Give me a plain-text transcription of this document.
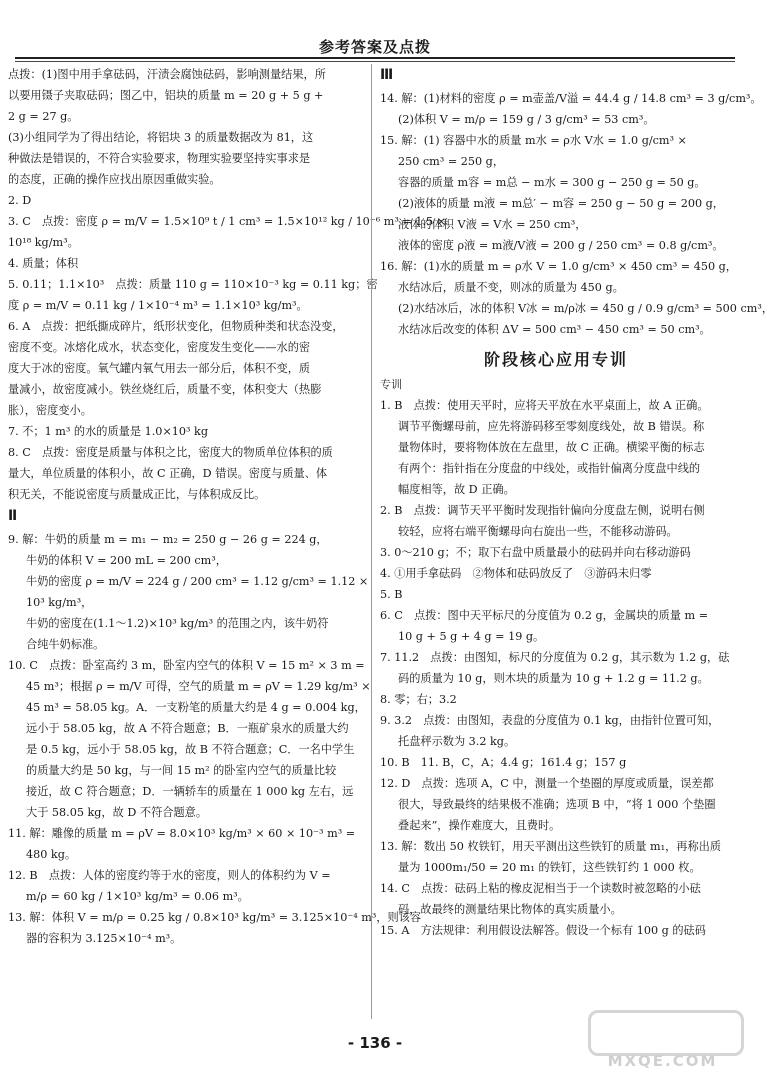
参考答案及点拨
点拨：(1)图中用手拿砝码，汗渍会腐蚀砝码，影响测量结果，所
以要用镊子夹取砝码；图乙中，铝块的质量 m = 20 g + 5 g +
2 g = 27 g。
(3)小组同学为了得出结论，将铝块 3 的质量数据改为 81，这
种做法是错误的，不符合实验要求，物理实验要坚持实事求是
的态度，正确的操作应找出原因重做实验。
2. D
3. C　点拨：密度 ρ = m/V = 1.5×10⁹ t / 1 cm³ = 1.5×10¹² kg / 10⁻⁶ m³ = 1.5 ×
10¹⁸ kg/m³。
4. 质量；体积
5. 0.11；1.1×10³　点拨：质量 110 g = 110×10⁻³ kg = 0.11 kg；密
度 ρ = m/V = 0.11 kg / 1×10⁻⁴ m³ = 1.1×10³ kg/m³。
6. A　点拨：把纸撕成碎片，纸形状变化，但物质种类和状态没变，
密度不变。冰熔化成水，状态变化，密度发生变化——水的密
度大于冰的密度。氧气罐内氧气用去一部分后，体积不变，质
量减小，故密度减小。铁丝烧红后，质量不变，体积变大（热膨
胀），密度变小。
7. 不；1 m³ 的水的质量是 1.0×10³ kg
8. C　点拨：密度是质量与体积之比，密度大的物质单位体积的质
量大，单位质量的体积小，故 C 正确，D 错误。密度与质量、体
积无关，不能说密度与质量成正比，与体积成反比。
Ⅱ
9. 解：牛奶的质量 m = m₁ − m₂ = 250 g − 26 g = 224 g，
牛奶的体积 V = 200 mL = 200 cm³，
牛奶的密度 ρ = m/V = 224 g / 200 cm³ = 1.12 g/cm³ = 1.12 ×
10³ kg/m³，
牛奶的密度在(1.1～1.2)×10³ kg/m³ 的范围之内，该牛奶符
合纯牛奶标准。
10. C　点拨：卧室高约 3 m，卧室内空气的体积 V = 15 m² × 3 m =
45 m³；根据 ρ = m/V 可得，空气的质量 m = ρV = 1.29 kg/m³ ×
45 m³ = 58.05 kg。A．一支粉笔的质量大约是 4 g = 0.004 kg，
远小于 58.05 kg，故 A 不符合题意；B．一瓶矿泉水的质量大约
是 0.5 kg，远小于 58.05 kg，故 B 不符合题意；C．一名中学生
的质量大约是 50 kg，与一间 15 m² 的卧室内空气的质量比较
接近，故 C 符合题意；D．一辆轿车的质量在 1 000 kg 左右，远
大于 58.05 kg，故 D 不符合题意。
11. 解：雕像的质量 m = ρV = 8.0×10³ kg/m³ × 60 × 10⁻³ m³ =
480 kg。
12. B　点拨：人体的密度约等于水的密度，则人的体积约为 V =
m/ρ = 60 kg / 1×10³ kg/m³ = 0.06 m³。
13. 解：体积 V = m/ρ = 0.25 kg / 0.8×10³ kg/m³ = 3.125×10⁻⁴ m³，则该容
器的容积为 3.125×10⁻⁴ m³。
Ⅲ
14. 解：(1)材料的密度 ρ = m壶盖/V溢 = 44.4 g / 14.8 cm³ = 3 g/cm³。
(2)体积 V = m/ρ = 159 g / 3 g/cm³ = 53 cm³。
15. 解：(1) 容器中水的质量 m水 = ρ水 V水 = 1.0 g/cm³ ×
250 cm³ = 250 g，
容器的质量 m容 = m总 − m水 = 300 g − 250 g = 50 g。
(2)液体的质量 m液 = m总′ − m容 = 250 g − 50 g = 200 g，
液体的体积 V液 = V水 = 250 cm³，
液体的密度 ρ液 = m液/V液 = 200 g / 250 cm³ = 0.8 g/cm³。
16. 解：(1)水的质量 m = ρ水 V = 1.0 g/cm³ × 450 cm³ = 450 g，
水结冰后，质量不变，则冰的质量为 450 g。
(2)水结冰后，冰的体积 V冰 = m/ρ冰 = 450 g / 0.9 g/cm³ = 500 cm³，
水结冰后改变的体积 ΔV = 500 cm³ − 450 cm³ = 50 cm³。
阶段核心应用专训
专训
1. B　点拨：使用天平时，应将天平放在水平桌面上，故 A 正确。
调节平衡螺母前，应先将游码移至零刻度线处，故 B 错误。称
量物体时，要将物体放在左盘里，故 C 正确。横梁平衡的标志
有两个：指针指在分度盘的中线处，或指针偏离分度盘中线的
幅度相等，故 D 正确。
2. B　点拨：调节天平平衡时发现指针偏向分度盘左侧，说明右侧
较轻，应将右端平衡螺母向右旋出一些，不能移动游码。
3. 0～210 g；不；取下右盘中质量最小的砝码并向右移动游码
4. ①用手拿砝码　②物体和砝码放反了　③游码未归零
5. B
6. C　点拨：图中天平标尺的分度值为 0.2 g，金属块的质量 m =
10 g + 5 g + 4 g = 19 g。
7. 11.2　点拨：由图知，标尺的分度值为 0.2 g，其示数为 1.2 g，砝
码的质量为 10 g，则木块的质量为 10 g + 1.2 g = 11.2 g。
8. 零；右；3.2
9. 3.2　点拨：由图知，表盘的分度值为 0.1 kg，由指针位置可知，
托盘秤示数为 3.2 kg。
10. B　11. B，C，A；4.4 g；161.4 g；157 g
12. D　点拨：选项 A，C 中，测量一个垫圈的厚度或质量，误差都
很大，导致最终的结果极不准确；选项 B 中，“将 1 000 个垫圈
叠起来”，操作难度大，且费时。
13. 解：数出 50 枚铁钉，用天平测出这些铁钉的质量 m₁，再称出质
量为 1000m₁/50 = 20 m₁ 的铁钉，这些铁钉约 1 000 枚。
14. C　点拨：砝码上粘的橡皮泥相当于一个读数时被忽略的小砝
码，故最终的测量结果比物体的真实质量小。
15. A　方法规律：利用假设法解答。假设一个标有 100 g 的砝码
- 136 -
MXQE.COM
